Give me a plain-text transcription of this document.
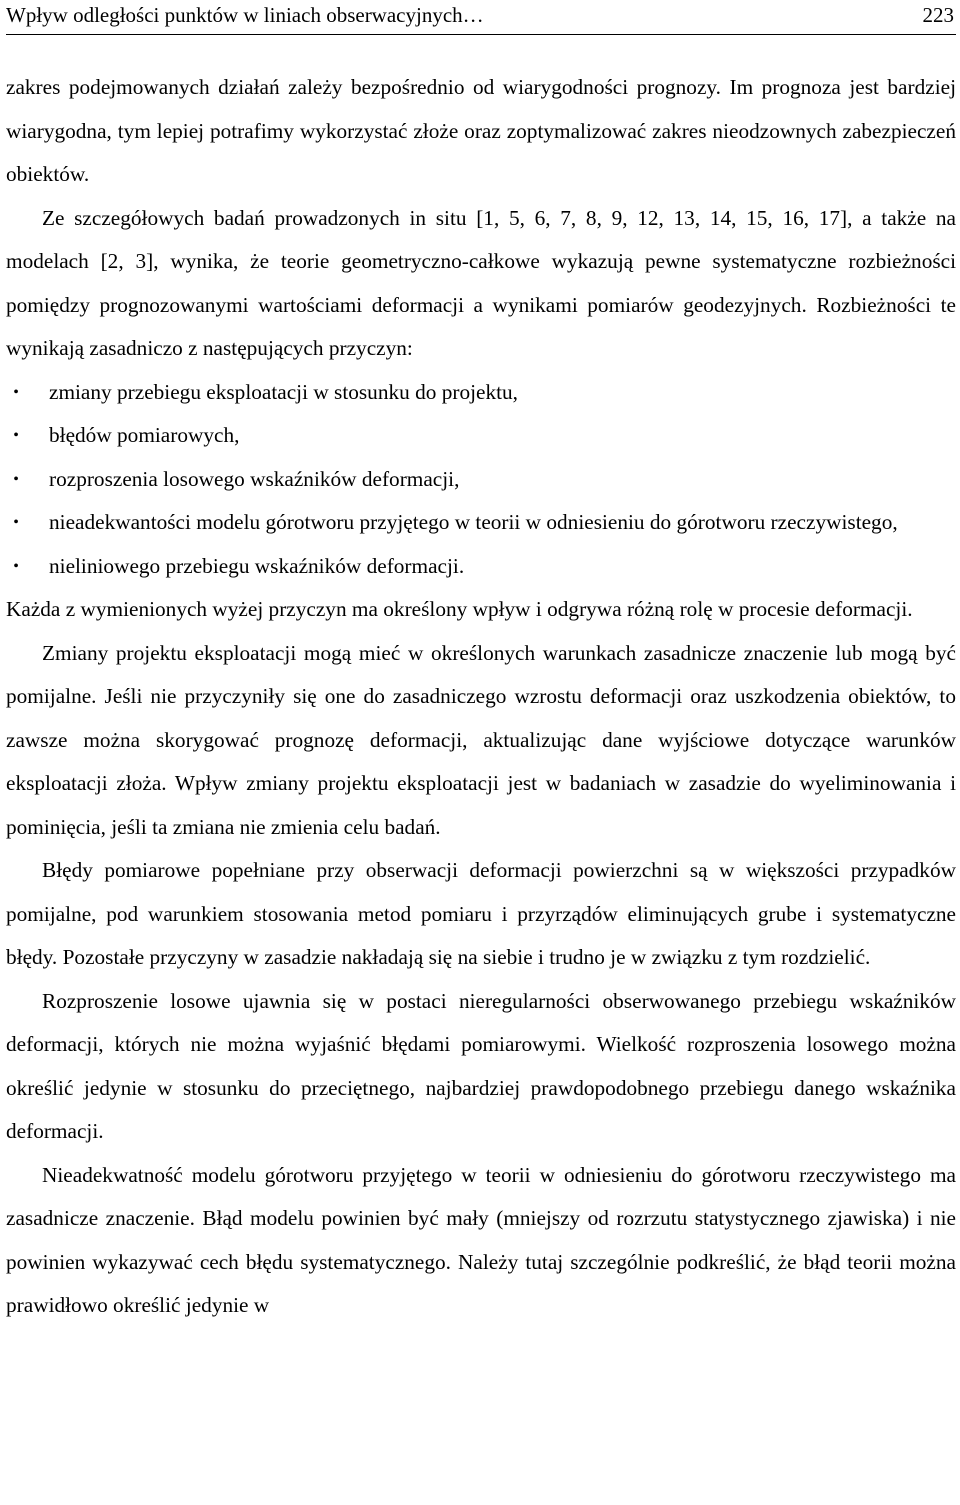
Wpływ odległości punktów w liniach obserwacyjnych…	223

zakres podejmowanych działań zależy bezpośrednio od wiarygodności prognozy. Im prognoza jest bardziej wiarygodna, tym lepiej potrafimy wykorzystać złoże oraz zoptymalizować zakres nieodzownych zabezpieczeń obiektów.

Ze szczegółowych badań prowadzonych in situ [1, 5, 6, 7, 8, 9, 12, 13, 14, 15, 16, 17], a także na modelach [2, 3], wynika, że teorie geometryczno-całkowe wykazują pewne systematyczne rozbieżności pomiędzy prognozowanymi wartościami deformacji a wynikami pomiarów geodezyjnych. Rozbieżności te wynikają zasadniczo z następujących przyczyn:

•	zmiany przebiegu eksploatacji w stosunku do projektu,
•	błędów pomiarowych,
•	rozproszenia losowego wskaźników deformacji,
•	nieadekwantości modelu górotworu przyjętego w teorii w odniesieniu do górotworu rzeczywistego,
•	nieliniowego przebiegu wskaźników deformacji.

Każda z wymienionych wyżej przyczyn ma określony wpływ i odgrywa różną rolę w procesie deformacji.

Zmiany projektu eksploatacji mogą mieć w określonych warunkach zasadnicze znaczenie lub mogą być pomijalne. Jeśli nie przyczyniły się one do zasadniczego wzrostu deformacji oraz uszkodzenia obiektów, to zawsze można skorygować prognozę deformacji, aktualizując dane wyjściowe dotyczące warunków eksploatacji złoża. Wpływ zmiany projektu eksploatacji jest w badaniach w zasadzie do wyeliminowania i pominięcia, jeśli ta zmiana nie zmienia celu badań.

Błędy pomiarowe popełniane przy obserwacji deformacji powierzchni są w większości przypadków pomijalne, pod warunkiem stosowania metod pomiaru i przyrządów eliminujących grube i systematyczne błędy. Pozostałe przyczyny w zasadzie nakładają się na siebie i trudno je w związku z tym rozdzielić.

Rozproszenie losowe ujawnia się w postaci nieregularności obserwowanego przebiegu wskaźników deformacji, których nie można wyjaśnić błędami pomiarowymi. Wielkość rozproszenia losowego można określić jedynie w stosunku do przeciętnego, najbardziej prawdopodobnego przebiegu danego wskaźnika deformacji.

Nieadekwatność modelu górotworu przyjętego w teorii w odniesieniu do górotworu rzeczywistego ma zasadnicze znaczenie. Błąd modelu powinien być mały (mniejszy od rozrzutu statystycznego zjawiska) i nie powinien wykazywać cech błędu systematycznego. Należy tutaj szczególnie podkreślić, że błąd teorii można prawidłowo określić jedynie w
